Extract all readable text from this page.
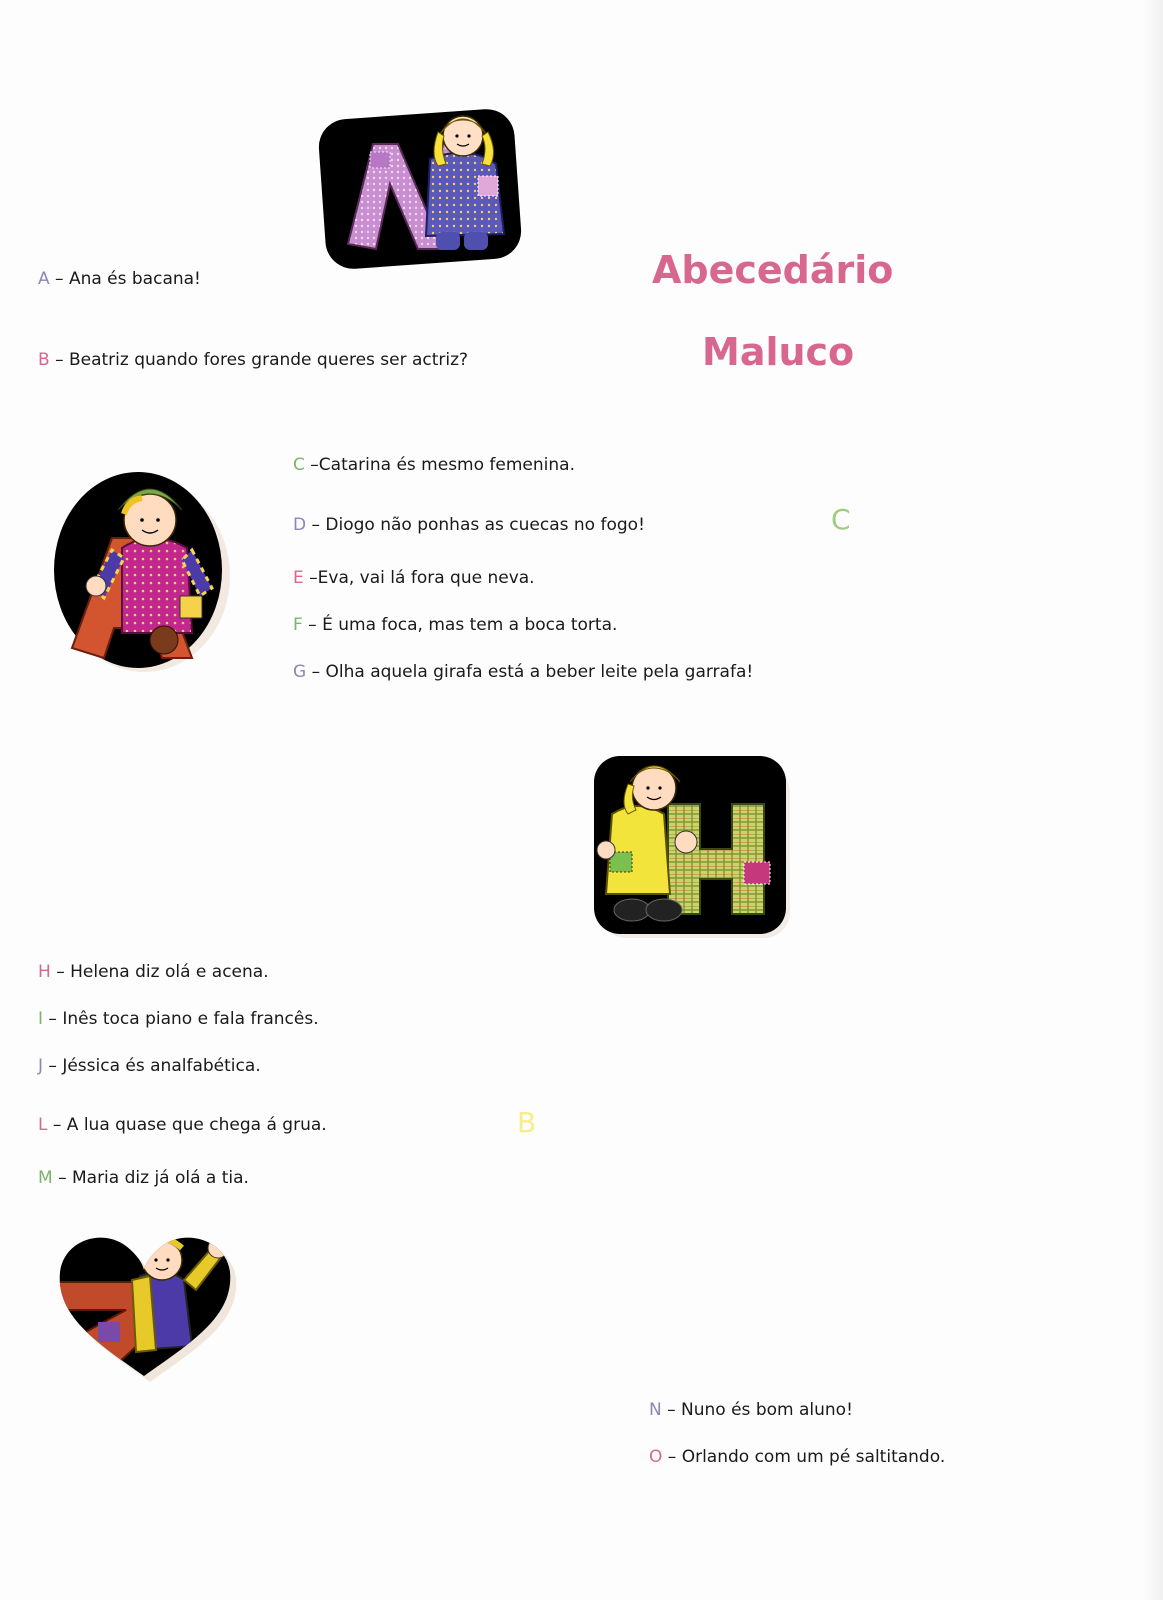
Abecedário
Maluco

C

B

A – Ana és bacana!

B – Beatriz quando fores grande queres ser actriz?

C –Catarina és mesmo femenina.

D – Diogo não ponhas as cuecas no fogo!

E –Eva, vai lá fora que neva.

F – É uma foca, mas tem a boca torta.

G – Olha aquela girafa está a beber leite pela garrafa!

H – Helena diz olá e acena.

I – Inês toca piano e fala francês.

J – Jéssica és analfabética.

L – A lua quase que chega á grua.

M – Maria diz já olá a tia.

N – Nuno és bom aluno!

O – Orlando com um pé saltitando.
